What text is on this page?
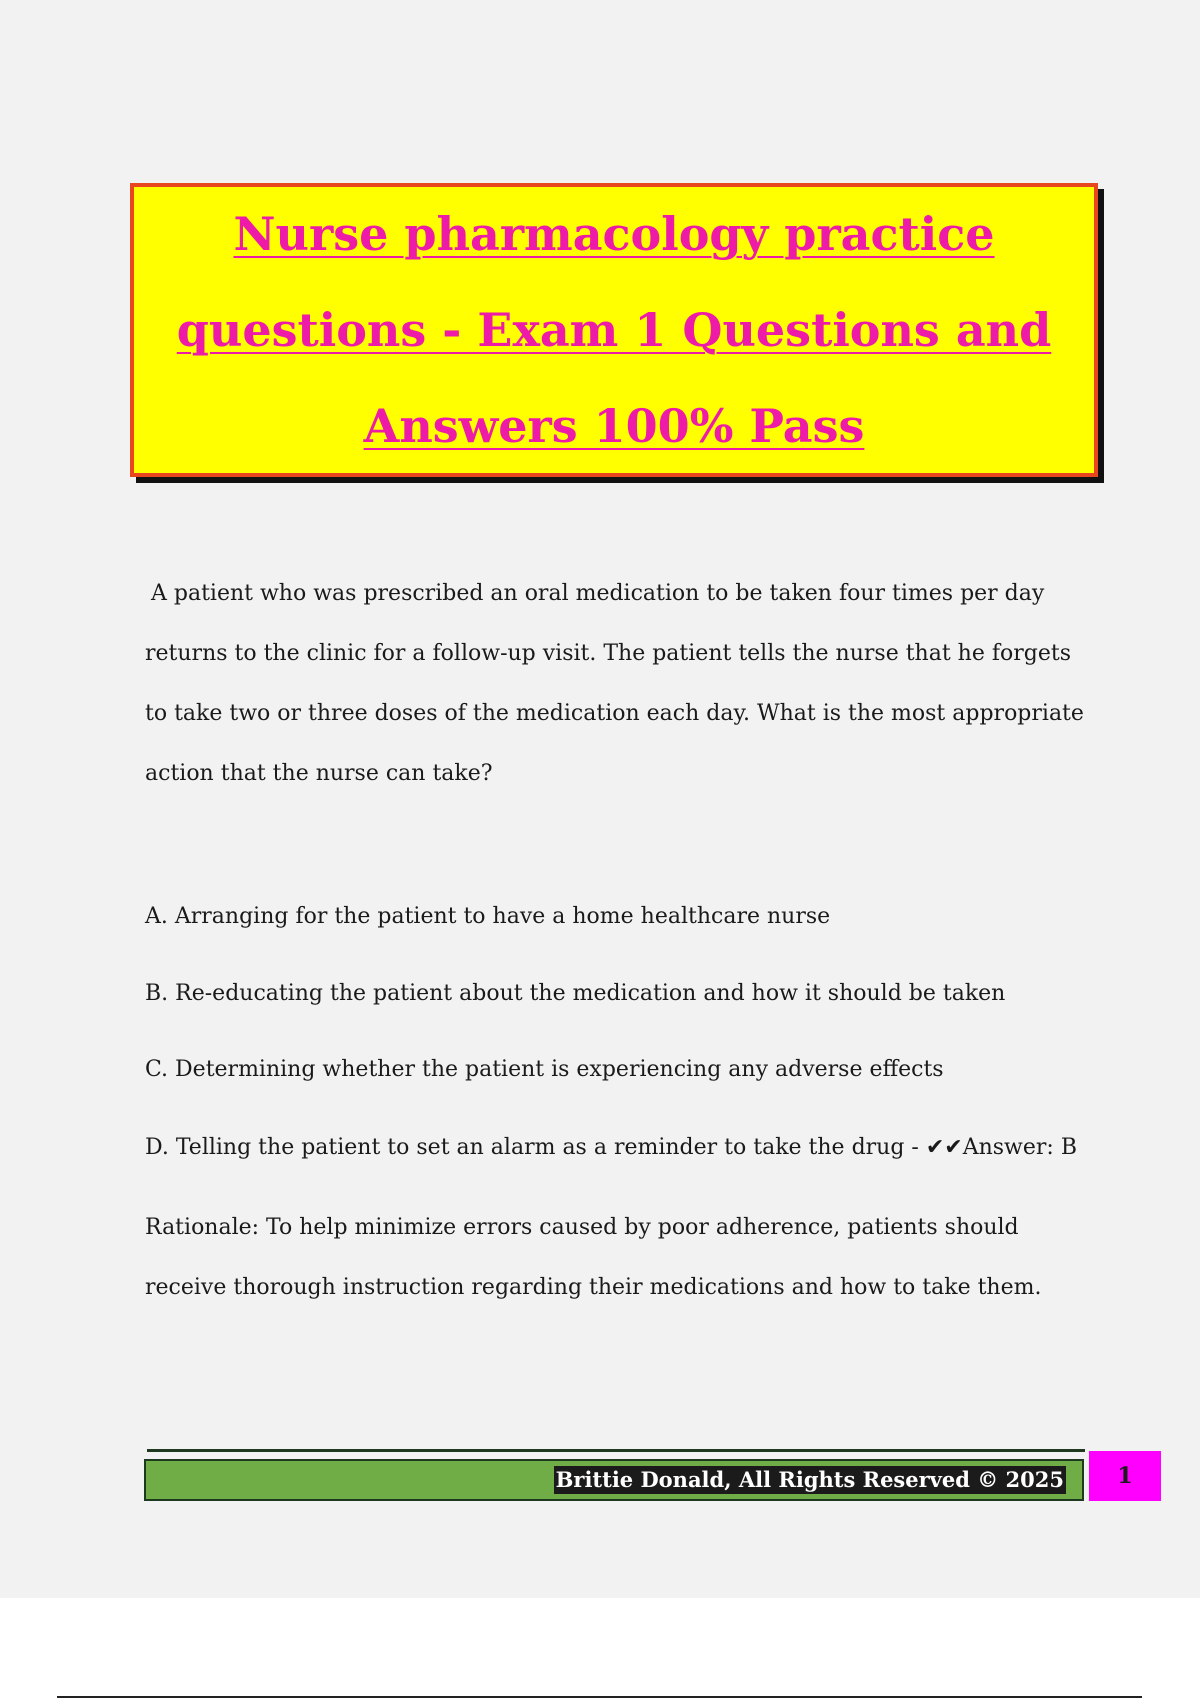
Nurse pharmacology practice questions - Exam 1 Questions and Answers 100% Pass

A patient who was prescribed an oral medication to be taken four times per day returns to the clinic for a follow-up visit. The patient tells the nurse that he forgets to take two or three doses of the medication each day. What is the most appropriate action that the nurse can take?

A. Arranging for the patient to have a home healthcare nurse

B. Re-educating the patient about the medication and how it should be taken

C. Determining whether the patient is experiencing any adverse effects

D. Telling the patient to set an alarm as a reminder to take the drug - ✔✔Answer: B

Rationale: To help minimize errors caused by poor adherence, patients should receive thorough instruction regarding their medications and how to take them.

Brittie Donald, All Rights Reserved © 2025 1
